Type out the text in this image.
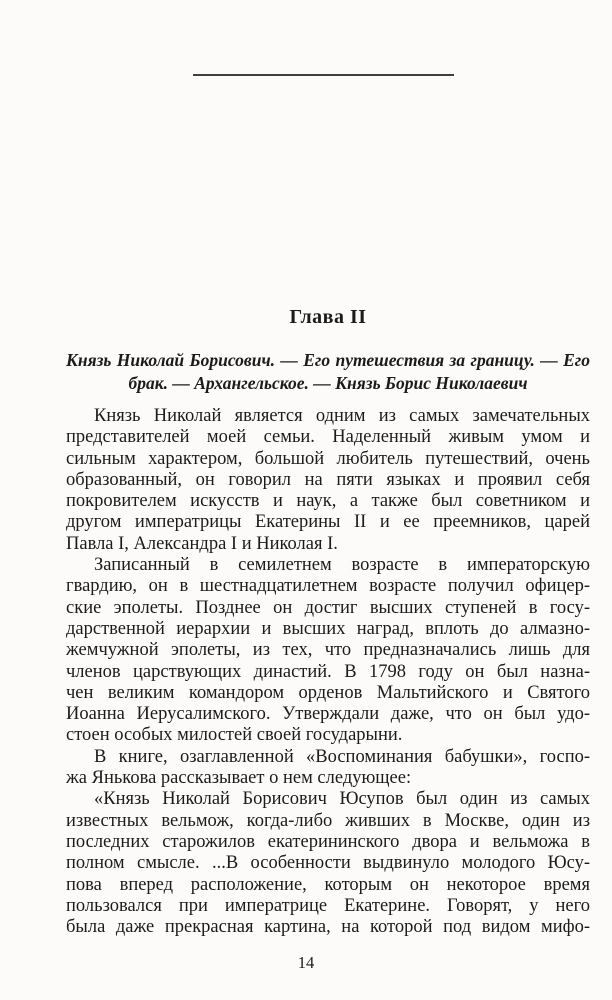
Глава II
Князь Николай Борисович. — Его путешествия за границу. — Его
брак. — Архангельское. — Князь Борис Николаевич
Князь Николай является одним из самых замечательных
представителей моей семьи. Наделенный живым умом и
сильным характером, большой любитель путешествий, очень
образованный, он говорил на пяти языках и проявил себя
покровителем искусств и наук, а также был советником и
другом императрицы Екатерины II и ее преемников, царей
Павла I, Александра I и Николая I.
Записанный в семилетнем возрасте в императорскую
гвардию, он в шестнадцатилетнем возрасте получил офицер-
ские эполеты. Позднее он достиг высших ступеней в госу-
дарственной иерархии и высших наград, вплоть до алмазно-
жемчужной эполеты, из тех, что предназначались лишь для
членов царствующих династий. В 1798 году он был назна-
чен великим командором орденов Мальтийского и Святого
Иоанна Иерусалимского. Утверждали даже, что он был удо-
стоен особых милостей своей государыни.
В книге, озаглавленной «Воспоминания бабушки», госпо-
жа Янькова рассказывает о нем следующее:
«Князь Николай Борисович Юсупов был один из самых
известных вельмож, когда-либо живших в Москве, один из
последних старожилов екатерининского двора и вельможа в
полном смысле. ...В особенности выдвинуло молодого Юсу-
пова вперед расположение, которым он некоторое время
пользовался при императрице Екатерине. Говорят, у него
была даже прекрасная картина, на которой под видом мифо-
14
